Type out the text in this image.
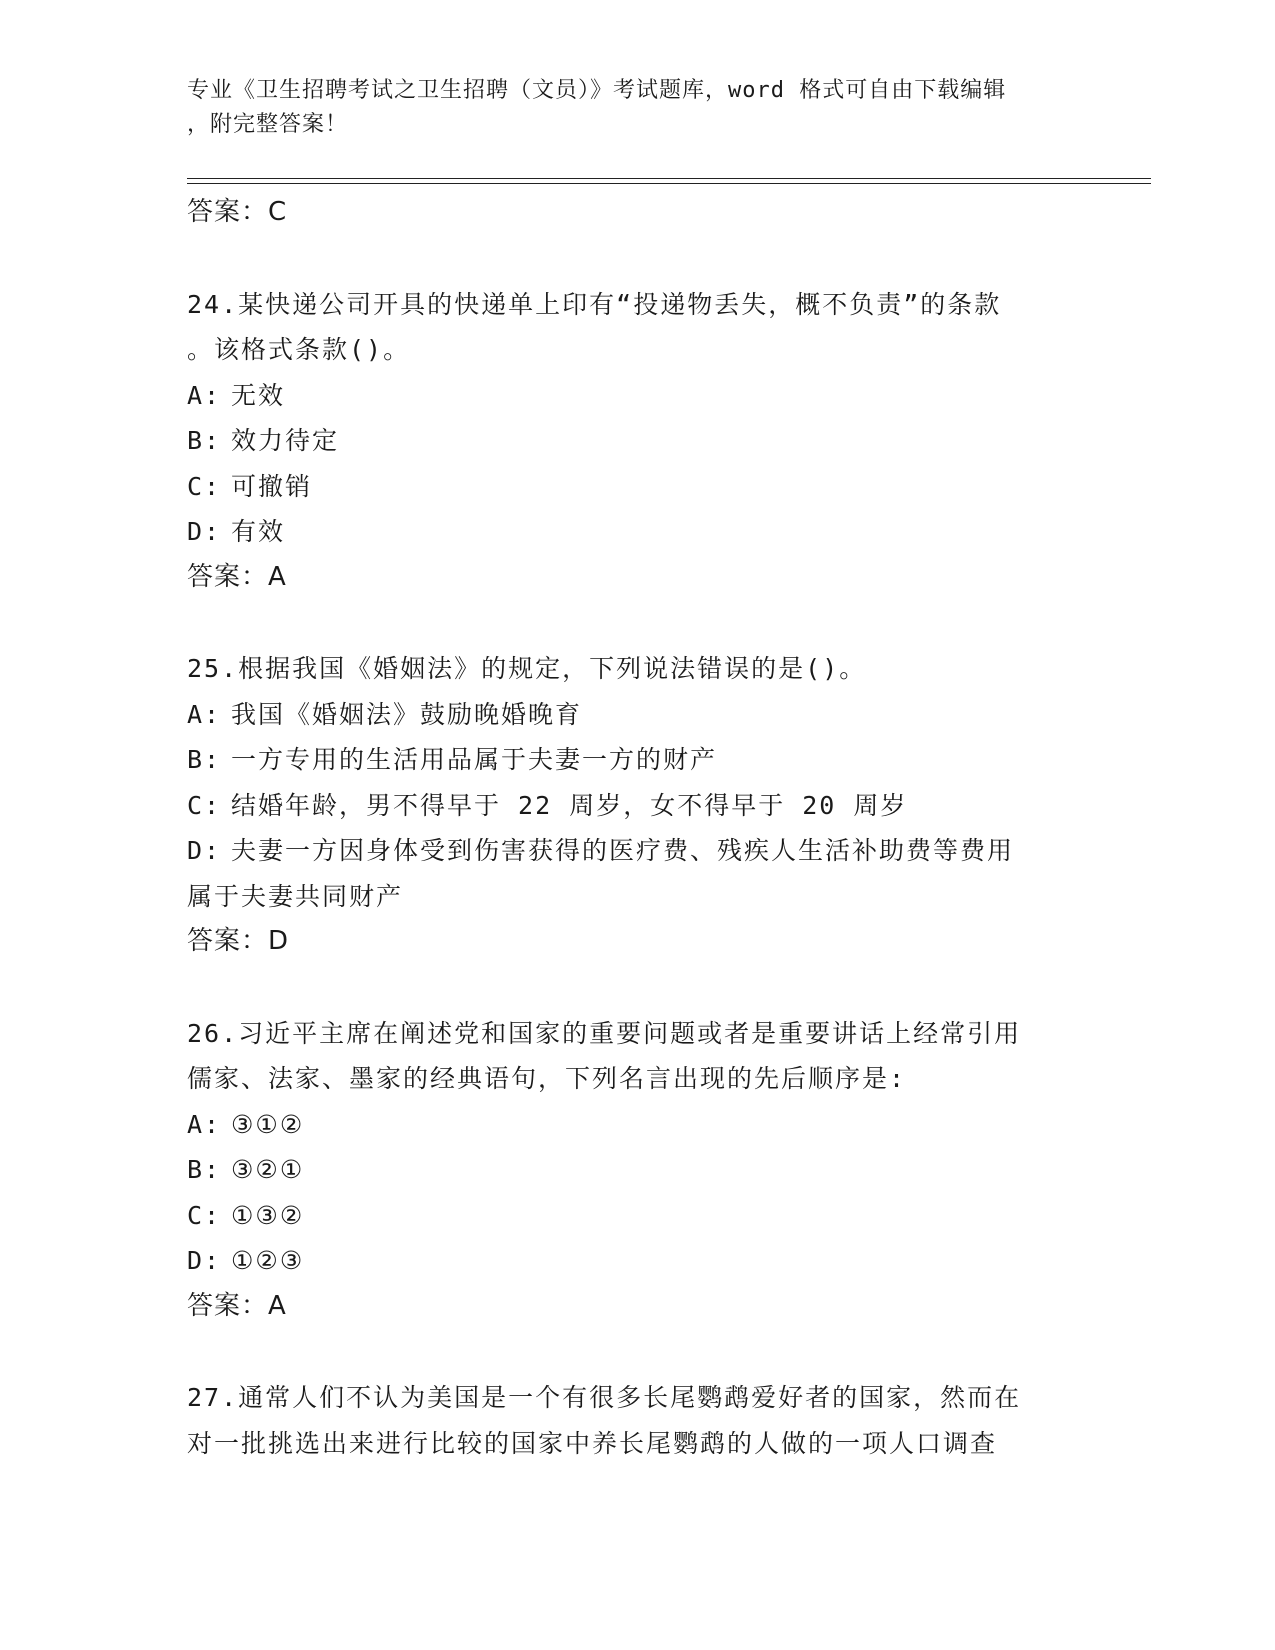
专业《卫生招聘考试之卫生招聘（文员）》考试题库，word 格式可自由下载编辑
，附完整答案！
答案：C
24.某快递公司开具的快递单上印有“投递物丢失，概不负责”的条款
。该格式条款()。
A: 无效
B: 效力待定
C: 可撤销
D: 有效
答案：A
25.根据我国《婚姻法》的规定，下列说法错误的是()。
A: 我国《婚姻法》鼓励晚婚晚育
B: 一方专用的生活用品属于夫妻一方的财产
C: 结婚年龄，男不得早于 22 周岁，女不得早于 20 周岁
D: 夫妻一方因身体受到伤害获得的医疗费、残疾人生活补助费等费用
属于夫妻共同财产
答案：D
26.习近平主席在阐述党和国家的重要问题或者是重要讲话上经常引用
儒家、法家、墨家的经典语句，下列名言出现的先后顺序是:
A: ③①②
B: ③②①
C: ①③②
D: ①②③
答案：A
27.通常人们不认为美国是一个有很多长尾鹦鹉爱好者的国家，然而在
对一批挑选出来进行比较的国家中养长尾鹦鹉的人做的一项人口调查
